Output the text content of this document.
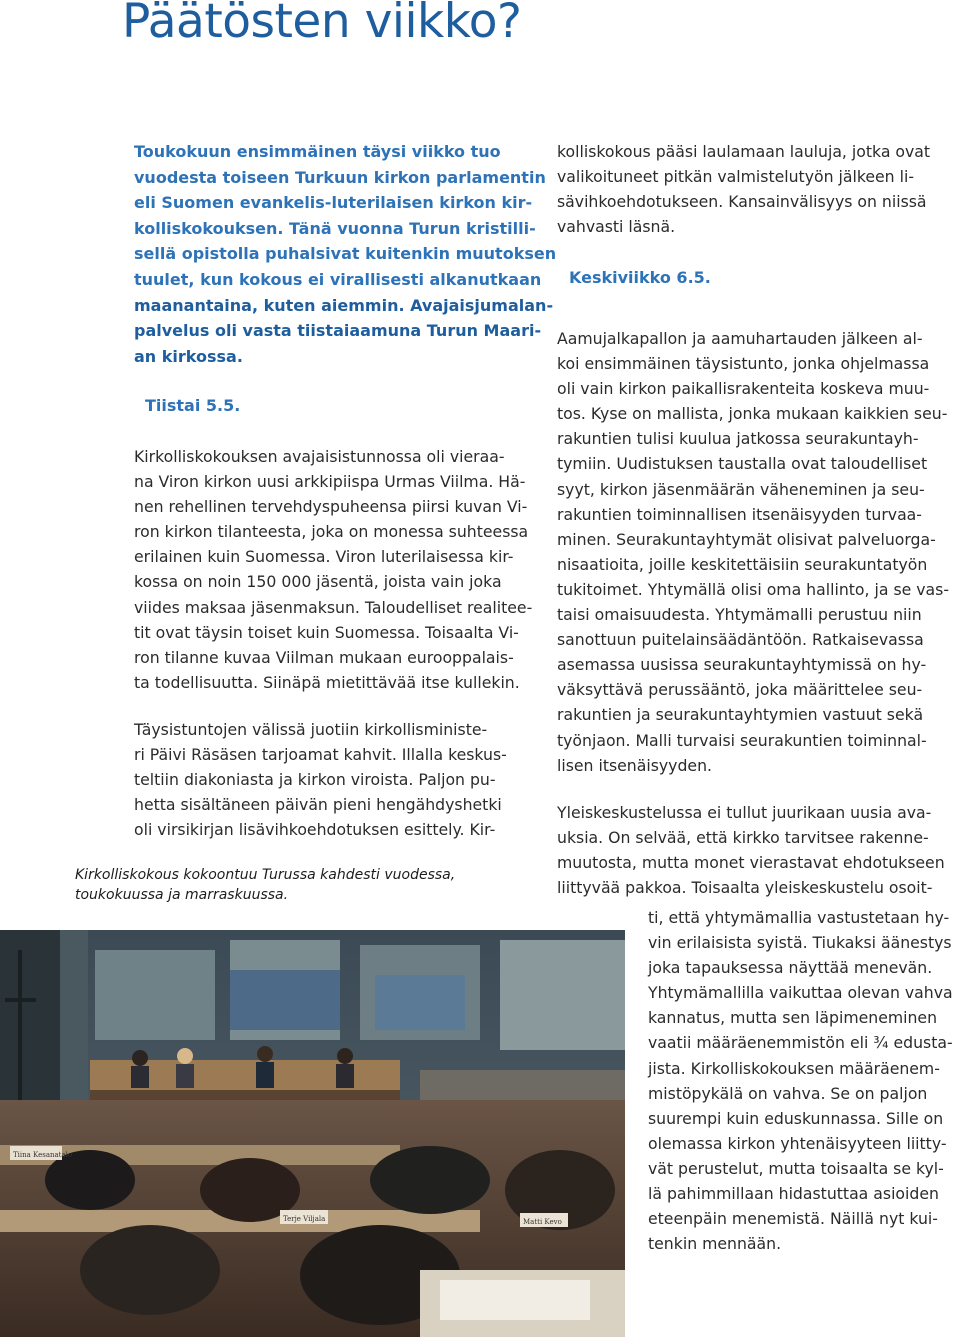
Päätösten viikko?
Toukokuun ensimmäinen täysi viikko tuo
vuodesta toiseen Turkuun kirkon parlamentin
eli Suomen evankelis-luterilaisen kirkon kir-
kolliskokouksen. Tänä vuonna Turun kristilli-
sellä opistolla puhalsivat kuitenkin muutoksen
tuulet, kun kokous ei virallisesti alkanutkaan
maanantaina, kuten aiemmin. Avajaisjumalan-
palvelus oli vasta tiistaiaamuna Turun Maari-
an kirkossa.
Tiistai 5.5.
Kirkolliskokouksen avajaisistunnossa oli vieraa-
na Viron kirkon uusi arkkipiispa Urmas Viilma. Hä-
nen rehellinen tervehdyspuheensa piirsi kuvan Vi-
ron kirkon tilanteesta, joka on monessa suhteessa
erilainen kuin Suomessa. Viron luterilaisessa kir-
kossa on noin 150 000 jäsentä, joista vain joka
viides maksaa jäsenmaksun. Taloudelliset realitee-
tit ovat täysin toiset kuin Suomessa. Toisaalta Vi-
ron tilanne kuvaa Viilman mukaan eurooppalais-
ta todellisuutta. Siinäpä mietittävää itse kullekin.
Täysistuntojen välissä juotiin kirkollisministe-
ri Päivi Räsäsen tarjoamat kahvit. Illalla keskus-
teltiin diakoniasta ja kirkon viroista. Paljon pu-
hetta sisältäneen päivän pieni hengähdyshetki
oli virsikirjan lisävihkoehdotuksen esittely. Kir-
Kirkolliskokous kokoontuu Turussa kahdesti vuodessa,
toukokuussa ja marraskuussa.
kolliskokous pääsi laulamaan lauluja, jotka ovat
valikoituneet pitkän valmistelutyön jälkeen li-
sävihkoehdotukseen. Kansainvälisyys on niissä
vahvasti läsnä.
Keskiviikko 6.5.
Aamujalkapallon ja aamuhartauden jälkeen al-
koi ensimmäinen täysistunto, jonka ohjelmassa
oli vain kirkon paikallisrakenteita koskeva muu-
tos. Kyse on mallista, jonka mukaan kaikkien seu-
rakuntien tulisi kuulua jatkossa seurakuntayh-
tymiin. Uudistuksen taustalla ovat taloudelliset
syyt, kirkon jäsenmäärän väheneminen ja seu-
rakuntien toiminnallisen itsenäisyyden turvaa-
minen. Seurakuntayhtymät olisivat palveluorga-
nisaatioita, joille keskitettäisiin seurakuntatyön
tukitoimet. Yhtymällä olisi oma hallinto, ja se vas-
taisi omaisuudesta. Yhtymämalli perustuu niin
sanottuun puitelainsäädäntöön. Ratkaisevassa
asemassa uusissa seurakuntayhtymissä on hy-
väksyttävä perussääntö, joka määrittelee seu-
rakuntien ja seurakuntayhtymien vastuut sekä
työnjaon. Malli turvaisi seurakuntien toiminnal-
lisen itsenäisyyden.
Yleiskeskustelussa ei tullut juurikaan uusia ava-
uksia. On selvää, että kirkko tarvitsee rakenne-
muutosta, mutta monet vierastavat ehdotukseen
liittyvää pakkoa. Toisaalta yleiskeskustelu osoit-
ti, että yhtymämallia vastustetaan hy-
vin erilaisista syistä. Tiukaksi äänestys
joka tapauksessa näyttää menevän.
Yhtymämallilla vaikuttaa olevan vahva
kannatus, mutta sen läpimeneminen
vaatii määräenemmistön eli ¾ edusta-
jista. Kirkolliskokouksen määräenem-
mistöpykälä on vahva. Se on paljon
suurempi kuin eduskunnassa. Sille on
olemassa kirkon yhtenäisyyteen liitty-
vät perustelut, mutta toisaalta se kyl-
lä pahimmillaan hidastuttaa asioiden
eteenpäin menemistä. Näillä nyt kui-
tenkin mennään.
Tiina Kesanatalo
Terje Viljala	Matti Kevo
